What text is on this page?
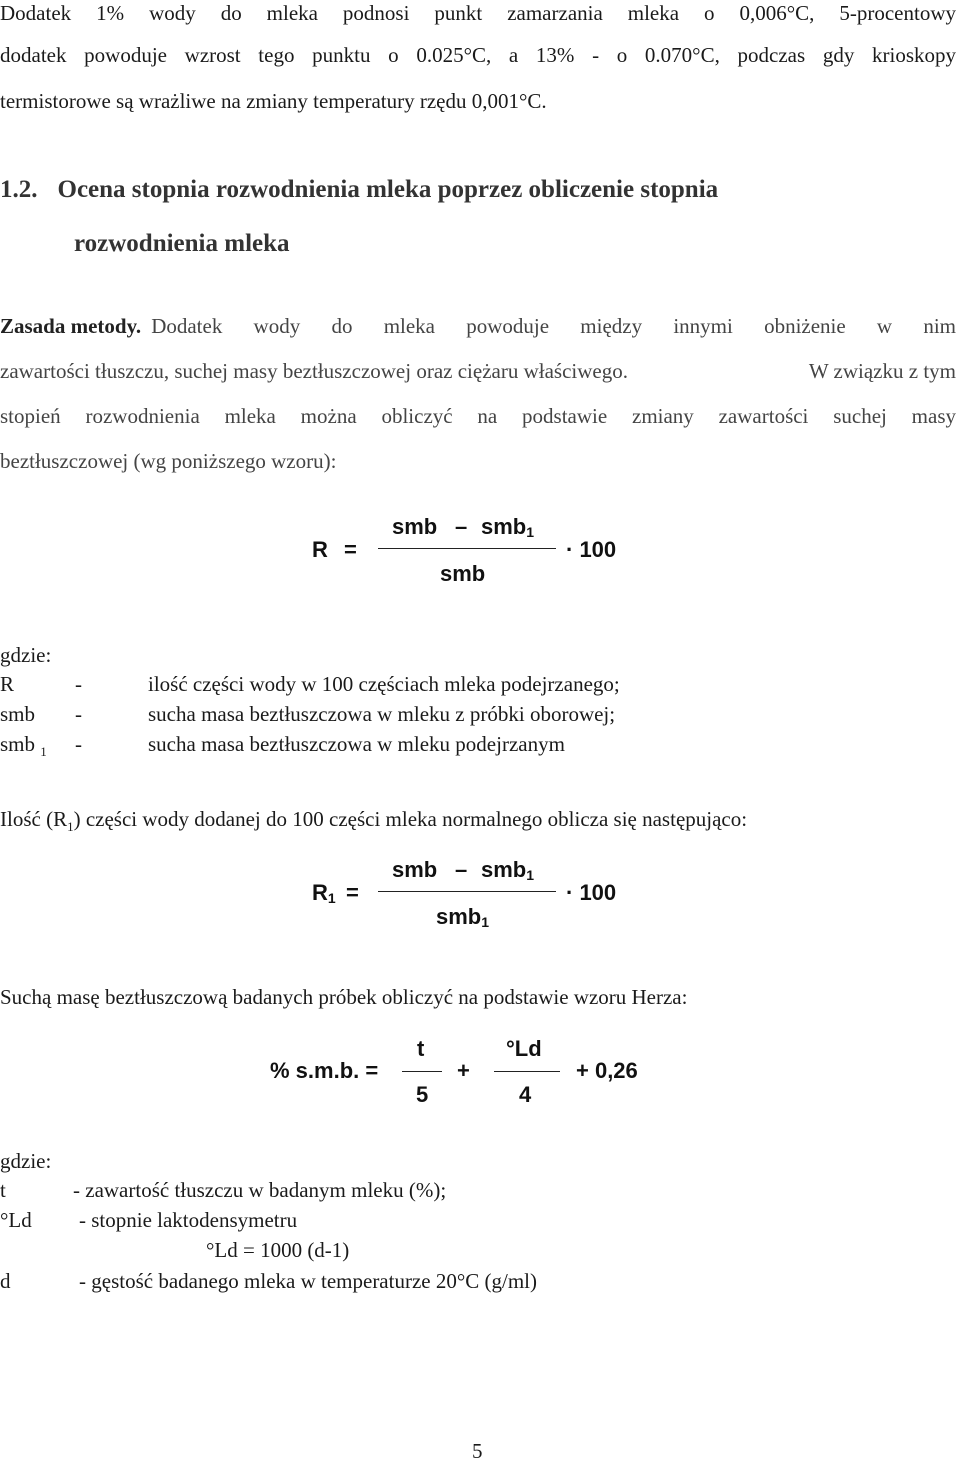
Dodatek 1% wody do mleka podnosi punkt zamarzania mleka o 0,006°C, 5-procentowy
dodatek powoduje wzrost tego punktu o 0.025°C, a 13% - o 0.070°C, podczas gdy krioskopy
termistorowe są wrażliwe na zmiany temperatury rzędu 0,001°C.
1.2. Ocena stopnia rozwodnienia mleka poprzez obliczenie stopnia
rozwodnienia mleka
Zasada metody. Dodatek wody do mleka powoduje między innymi obniżenie w nim
zawartości tłuszczu, suchej masy beztłuszczowej oraz ciężaru właściwego.	W związku z tym
stopień rozwodnienia mleka można obliczyć na podstawie zmiany zawartości suchej masy
beztłuszczowej (wg poniższego wzoru):
R =
smb – smb1
smb
· 100
gdzie:
R	-	ilość części wody w 100 częściach mleka podejrzanego;
smb -	sucha masa beztłuszczowa w mleku z próbki oborowej;
smb $_1$ -	sucha masa beztłuszczowa w mleku podejrzanym
Ilość $(R_1)$ części wody dodanej do 100 części mleka normalnego oblicza się następująco:
R1 =
smb – smb1
smb1
· 100
Suchą masę beztłuszczową badanych próbek obliczyć na podstawie wzoru Herza:
% s.m.b. =
t
5
+
°Ld
4
+ 0,26
gdzie:
t	- zawartość tłuszczu w badanym mleku (%);
°Ld - stopnie laktodensymetru
°Ld = 1000 (d-1)
d	- gęstość badanego mleka w temperaturze 20°C (g/ml)
5
